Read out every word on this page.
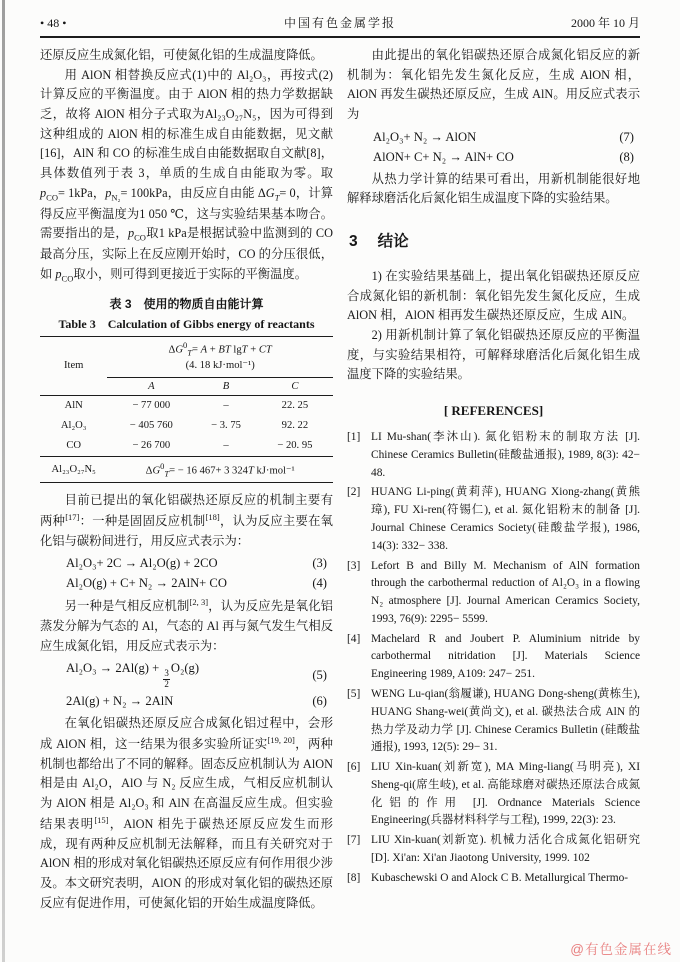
• 48 •	中国有色金属学报	2000 年 10 月

还原反应生成氮化铝，可使氮化铝的生成温度降低。

用 AlON 相替换反应式(1)中的 Al₂O₃，再按式(2)计算反应的平衡温度。由于 AlON 相的热力学数据缺乏，故将 AlON 相分子式取为Al₂₃O₂₇N₅，因为可得到这种组成的 AlON 相的标准生成自由能数据，见文献[16]，AlN 和 CO 的标准生成自由能数据取自文献[8]，具体数值列于表 3，单质的生成自由能取为零。取 $p_{CO}= 1kPa$，$p_{N_2}= 100kPa$，由反应自由能 $\Delta G_T= 0$，计算得反应平衡温度为1 050 ℃，这与实验结果基本吻合。需要指出的是，$p_{CO}$取1 kPa是根据试验中监测到的 CO 最高分压，实际上在反应刚开始时，CO 的分压很低，如 $p_{CO}$取小，则可得到更接近于实际的平衡温度。

表 3　使用的物质自由能计算
Table 3　Calculation of Gibbs energy of reactants
Item	$\Delta G^0_T= A$ + BT lgT + CT
(4. 18 kJ·mol⁻¹)		

	A	B	C
AlN	− 77 000	–	22. 25
Al₂O₃	− 405 760	− 3. 75	92. 22
CO	− 26 700	–	− 20. 95
Al₂₃O₂₇N₅	$\Delta G^0_T= - 16$ 467+ 3 324T kJ·mol⁻¹		

目前已提出的氧化铝碳热还原反应的机制主要有两种[17]：一种是固固反应机制[18]，认为反应主要在氧化铝与碳粉间进行，用反应式表示为：

Al₂O₃+ 2C → Al₂O(g) + 2CO	(3)
Al₂O(g) + C+ N₂ → 2AlN+ CO	(4)

另一种是气相反应机制[2, 3]，认为反应先是氧化铝蒸发分解为气态的 Al，气态的 Al 再与氮气发生气相反应生成氮化铝，用反应式表示为：

Al₂O₃ → 2Al(g) +
$\frac{3}{2}$
O₂(g)	(5)
2Al(g) + N₂ → 2AlN	(6)

在氧化铝碳热还原反应合成氮化铝过程中，会形成 AlON 相，这一结果为很多实验所证实[19, 20]，两种机制也都给出了不同的解释。固态反应机制认为 AlON 相是由 Al₂O，AlO 与 N₂ 反应生成，气相反应机制认为 AlON 相是 Al₂O₃ 和 AlN 在高温反应生成。但实验结果表明[15]，AlON 相先于碳热还原反应发生而形成，现有两种反应机制无法解释，而且有关研究对于 AlON 相的形成对氧化铝碳热还原反应有何作用很少涉及。本文研究表明，AlON 的形成对氧化铝的碳热还原反应有促进作用，可使氮化铝的开始生成温度降低。

由此提出的氧化铝碳热还原合成氮化铝反应的新机制为：氧化铝先发生氮化反应，生成 AlON 相，AlON 再发生碳热还原反应，生成 AlN。用反应式表示为

Al₂O₃+ N₂ → AlON	(7)
AlON+ C+ N₂ → AlN+ CO	(8)

从热力学计算的结果可看出，用新机制能很好地解释球磨活化后氮化铝生成温度下降的实验结果。

3 结论

1) 在实验结果基础上，提出氧化铝碳热还原反应合成氮化铝的新机制：氧化铝先发生氮化反应，生成 AlON 相，AlON 相再发生碳热还原反应，生成 AlN。

2) 用新机制计算了氧化铝碳热还原反应的平衡温度，与实验结果相符，可解释球磨活化后氮化铝生成温度下降的实验结果。

[ REFERENCES]
[1] LI Mu-shan(李沐山). 氮化铝粉末的制取方法 [J]. Chinese Ceramics Bulletin(硅酸盐通报), 1989, 8(3): 42− 48.
[2] HUANG Li-ping(黄莉萍), HUANG Xiong-zhang(黄熊璋), FU Xi-ren(符锡仁), et al. 氮化铝粉末的制备 [J]. Journal Chinese Ceramics Society(硅酸盐学报), 1986, 14(3): 332− 338.
[3] Lefort B and Billy M. Mechanism of AlN formation through the carbothermal reduction of Al₂O₃ in a flowing N₂ atmosphere [J]. Journal American Ceramics Society, 1993, 76(9): 2295− 5599.
[4] Machelard R and Joubert P. Aluminium nitride by carbothermal nitridation [J]. Materials Science Engineering 1989, A109: 247− 251.
[5] WENG Lu-qian(翁履谦), HUANG Dong-sheng(黄栋生), HUANG Shang-wei(黄尚文), et al. 碳热法合成 AlN 的热力学及动力学 [J]. Chinese Ceramics Bulletin (硅酸盐通报), 1993, 12(5): 29− 31.
[6] LIU Xin-kuan(刘新宽), MA Ming-liang(马明亮), XI Sheng-qi(席生岐), et al. 高能球磨对碳热还原法合成氮化铝的作用 [J]. Ordnance Materials Science Engineering(兵器材料科学与工程), 1999, 22(3): 23.
[7] LIU Xin-kuan(刘新宽). 机械力活化合成氮化铝研究 [D]. Xi'an: Xi'an Jiaotong University, 1999. 102
[8] Kubaschewski O and Alock C B. Metallurgical Thermo-
@有色金属在线
